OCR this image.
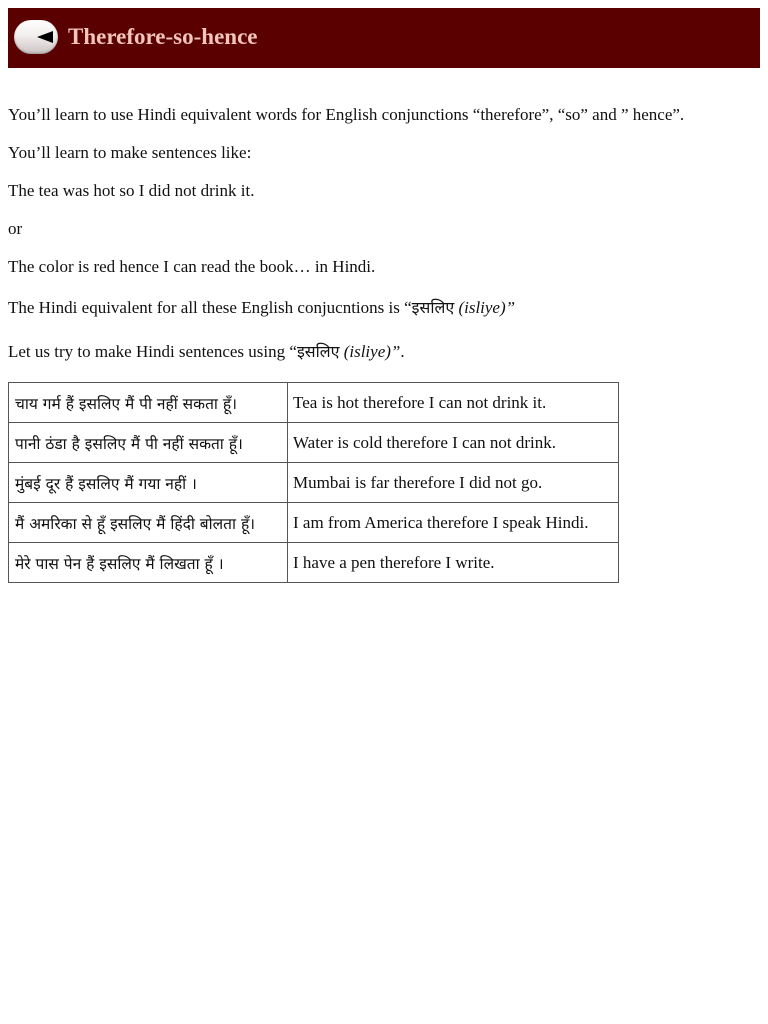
Therefore-so-hence

You’ll learn to use Hindi equivalent words for English conjunctions “therefore”, “so” and ” hence”.

You’ll learn to make sentences like:

The tea was hot so I did not drink it.

or

The color is red hence I can read the book… in Hindi.

The Hindi equivalent for all these English conjucntions is “इसलिए (isliye)”

Let us try to make Hindi sentences using “इसलिए (isliye)”.

चाय गर्म हैं इसलिए मैं पी नहीं सकता हूँ।	Tea is hot therefore I can not drink it.
पानी ठंडा है इसलिए मैं पी नहीं सकता हूँ।	Water is cold therefore I can not drink.
मुंबई दूर हैं इसलिए मैं गया नहीं ।	Mumbai is far therefore I did not go.
मैं अमरिका से हूँ इसलिए मैं हिंदी बोलता हूँ।	I am from America therefore I speak Hindi.
मेरे पास पेन हैं इसलिए मैं लिखता हूँ ।	I have a pen therefore I write.
